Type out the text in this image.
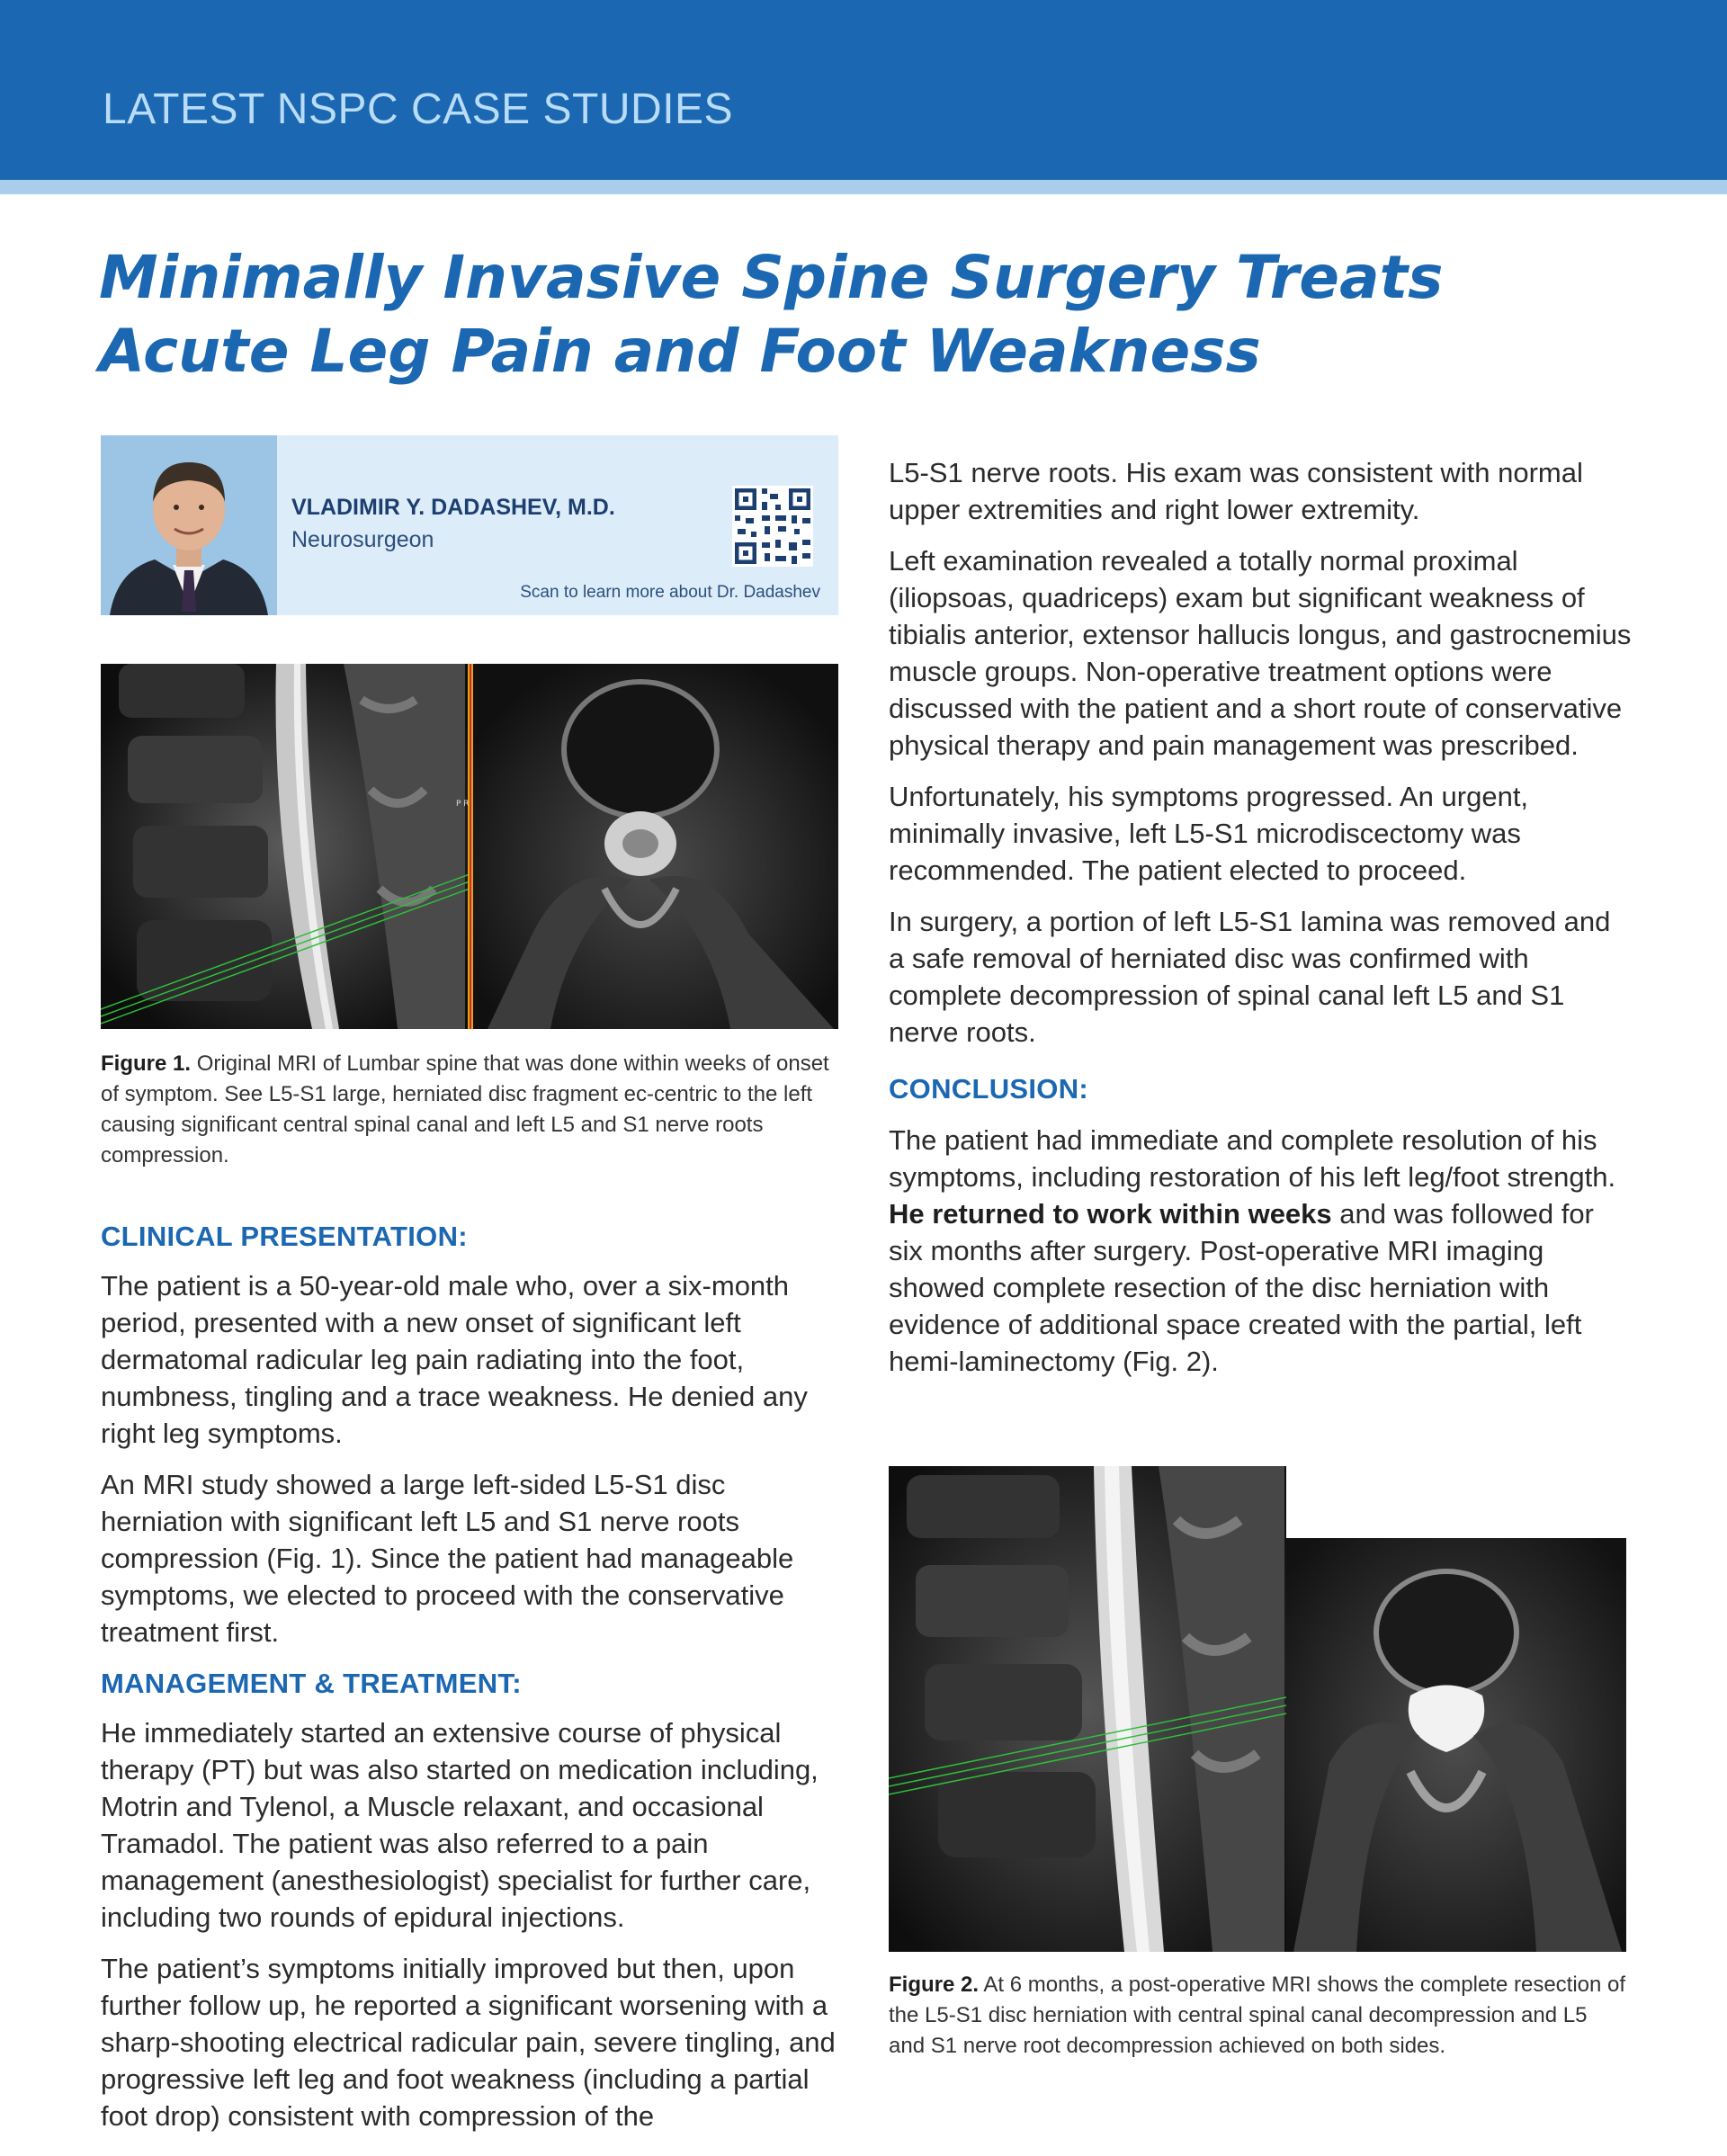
LATEST NSPC CASE STUDIES
Minimally Invasive Spine Surgery Treats
Acute Leg Pain and Foot Weakness
VLADIMIR Y. DADASHEV, M.D.
Neurosurgeon
Scan to learn more about Dr. Dadashev
P R

Figure 1. Original MRI of Lumbar spine that was done within weeks of onset of symptom. See L5-S1 large, herniated disc fragment ec-centric to the left causing significant central spinal canal and left L5 and S1 nerve roots compression.

CLINICAL PRESENTATION:

The patient is a 50-year-old male who, over a six-month period, presented with a new onset of significant left dermatomal radicular leg pain radiating into the foot, numbness, tingling and a trace weakness. He denied any right leg symptoms.

An MRI study showed a large left-sided L5-S1 disc herniation with significant left L5 and S1 nerve roots compression (Fig. 1). Since the patient had manageable symptoms, we elected to proceed with the conservative treatment first.

MANAGEMENT & TREATMENT:

He immediately started an extensive course of physical therapy (PT) but was also started on medication including, Motrin and Tylenol, a Muscle relaxant, and occasional Tramadol. The patient was also referred to a pain management (anesthesiologist) specialist for further care, including two rounds of epidural injections.

The patient’s symptoms initially improved but then, upon further follow up, he reported a significant worsening with a sharp-shooting electrical radicular pain, severe tingling, and progressive left leg and foot weakness (including a partial foot drop) consistent with compression of the

L5-S1 nerve roots. His exam was consistent with normal upper extremities and right lower extremity.

Left examination revealed a totally normal proximal (iliopsoas, quadriceps) exam but significant weakness of tibialis anterior, extensor hallucis longus, and gastrocnemius muscle groups. Non-operative treatment options were discussed with the patient and a short route of conservative physical therapy and pain management was prescribed.

Unfortunately, his symptoms progressed. An urgent, minimally invasive, left L5-S1 microdiscectomy was recommended. The patient elected to proceed.

In surgery, a portion of left L5-S1 lamina was removed and a safe removal of herniated disc was confirmed with complete decompression of spinal canal left L5 and S1 nerve roots.

CONCLUSION:

The patient had immediate and complete resolution of his symptoms, including restoration of his left leg/foot strength. He returned to work within weeks and was followed for six months after surgery. Post-operative MRI imaging showed complete resection of the disc herniation with evidence of additional space created with the partial, left hemi-laminectomy (Fig. 2).

Figure 2. At 6 months, a post-operative MRI shows the complete resection of the L5-S1 disc herniation with central spinal canal decompression and L5 and S1 nerve root decompression achieved on both sides.
